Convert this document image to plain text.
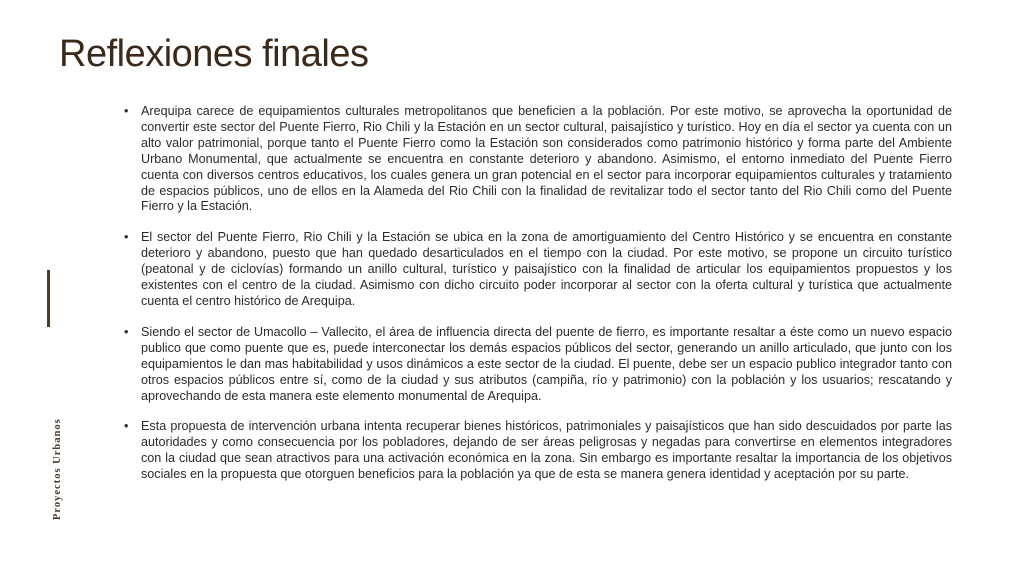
Reflexiones finales
Proyectos Urbanos
• Arequipa carece de equipamientos culturales metropolitanos que beneficien a la población. Por este motivo, se aprovecha la oportunidad de convertir este sector del Puente Fierro, Rio Chili y la Estación en un sector cultural, paisajístico y turístico. Hoy en día el sector ya cuenta con un alto valor patrimonial, porque tanto el Puente Fierro como la Estación son considerados como patrimonio histórico y forma parte del Ambiente Urbano Monumental, que actualmente se encuentra en constante deterioro y abandono. Asimismo, el entorno inmediato del Puente Fierro cuenta con diversos centros educativos, los cuales genera un gran potencial en el sector para incorporar equipamientos culturales y tratamiento de espacios públicos, uno de ellos en la Alameda del Rio Chili con la finalidad de revitalizar todo el sector tanto del Rio Chili como del Puente Fierro y la Estación.
• El sector del Puente Fierro, Rio Chili y la Estación se ubica en la zona de amortiguamiento del Centro Histórico y se encuentra en constante deterioro y abandono, puesto que han quedado desarticulados en el tiempo con la ciudad. Por este motivo, se propone un circuito turístico (peatonal y de ciclovías) formando un anillo cultural, turístico y paisajístico con la finalidad de articular los equipamientos propuestos y los existentes con el centro de la ciudad. Asimismo con dicho circuito poder incorporar al sector con la oferta cultural y turística que actualmente cuenta el centro histórico de Arequipa.
• Siendo el sector de Umacollo – Vallecito, el área de influencia directa del puente de fierro, es importante resaltar a éste como un nuevo espacio publico que como puente que es, puede interconectar los demás espacios públicos del sector, generando un anillo articulado, que junto con los equipamientos le dan mas habitabilidad y usos dinámicos a este sector de la ciudad. El puente, debe ser un espacio publico integrador tanto con otros espacios públicos entre sí, como de la ciudad y sus atributos (campiña, río y patrimonio) con la población y los usuarios; rescatando y aprovechando de esta manera este elemento monumental de Arequipa.
• Esta propuesta de intervención urbana intenta recuperar bienes históricos, patrimoniales y paisajísticos que han sido descuidados por parte las autoridades y como consecuencia por los pobladores, dejando de ser áreas peligrosas y negadas para convertirse en elementos integradores con la ciudad que sean atractivos para una activación económica en la zona. Sin embargo es importante resaltar la importancia de los objetivos sociales en la propuesta que otorguen beneficios para la población ya que de esta se manera genera identidad y aceptación por su parte.
